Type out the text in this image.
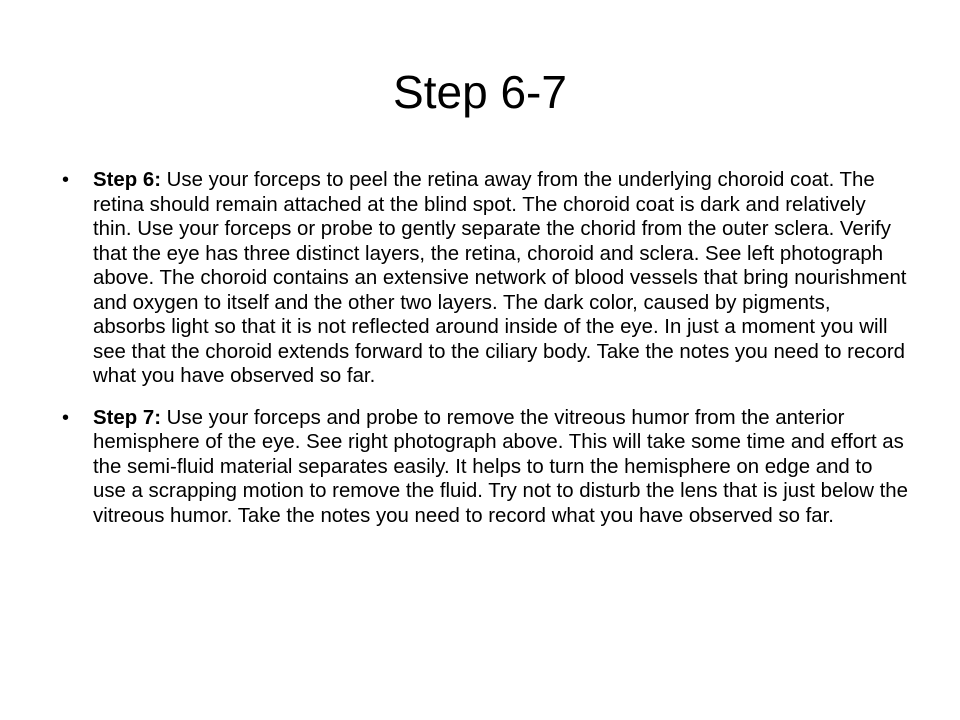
Step 6-7
• Step 6: Use your forceps to peel the retina away from the underlying choroid coat. The retina should remain attached at the blind spot. The choroid coat is dark and relatively thin. Use your forceps or probe to gently separate the chorid from the outer sclera. Verify that the eye has three distinct layers, the retina, choroid and sclera. See left photograph above. The choroid contains an extensive network of blood vessels that bring nourishment and oxygen to itself and the other two layers. The dark color, caused by pigments, absorbs light so that it is not reflected around inside of the eye. In just a moment you will see that the choroid extends forward to the ciliary body. Take the notes you need to record what you have observed so far.
• Step 7: Use your forceps and probe to remove the vitreous humor from the anterior hemisphere of the eye. See right photograph above. This will take some time and effort as the semi-fluid material separates easily. It helps to turn the hemisphere on edge and to use a scrapping motion to remove the fluid. Try not to disturb the lens that is just below the vitreous humor. Take the notes you need to record what you have observed so far.
